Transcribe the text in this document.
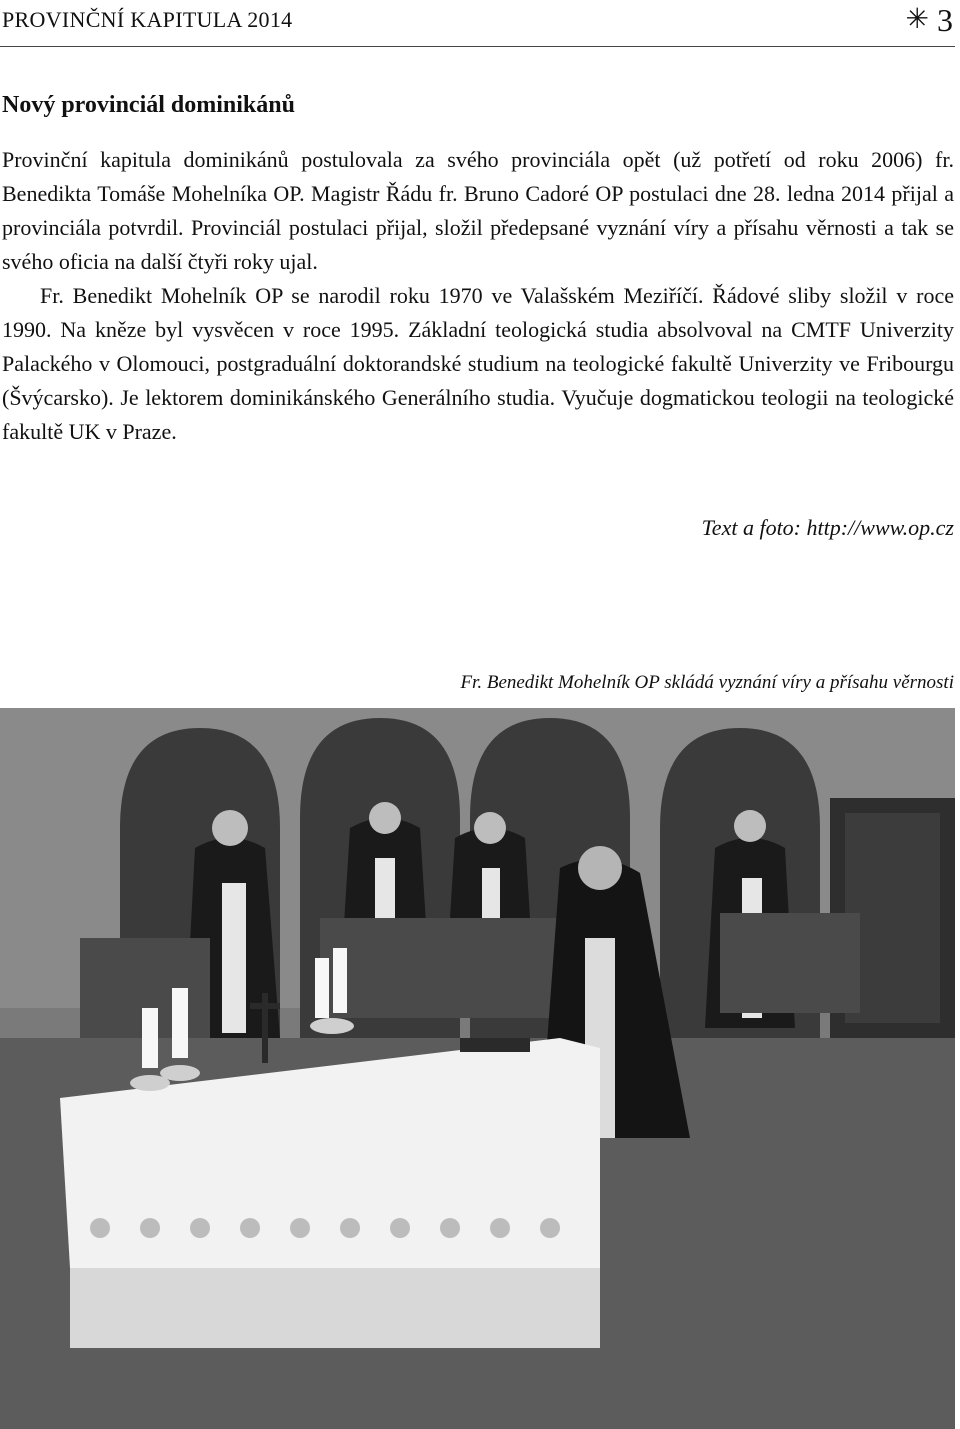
PROVINČNÍ KAPITULA 2014	✳ 3
Nový provinciál dominikánů

Provinční kapitula dominikánů postulovala za svého provinciála opět (už potřetí od roku 2006) fr. Benedikta Tomáše Mohelníka OP. Magistr Řádu fr. Bruno Cadoré OP postulaci dne 28. ledna 2014 přijal a provinciála potvrdil. Provinciál postulaci přijal, složil předepsané vyznání víry a přísahu věrnosti a tak se svého oficia na další čtyři roky ujal.

Fr. Benedikt Mohelník OP se narodil roku 1970 ve Valašském Meziříčí. Řádové sliby složil v roce 1990. Na kněze byl vysvěcen v roce 1995. Základní teologická studia absolvoval na CMTF Univerzity Palackého v Olomouci, postgraduální doktorandské studium na teologické fakultě Univerzity ve Fribourgu (Švýcarsko). Je lektorem dominikánského Generálního studia. Vyučuje dogmatickou teologii na teologické fakultě UK v Praze.

Text a foto: http://www.op.cz
Fr. Benedikt Mohelník OP skládá vyznání víry a přísahu věrnosti
